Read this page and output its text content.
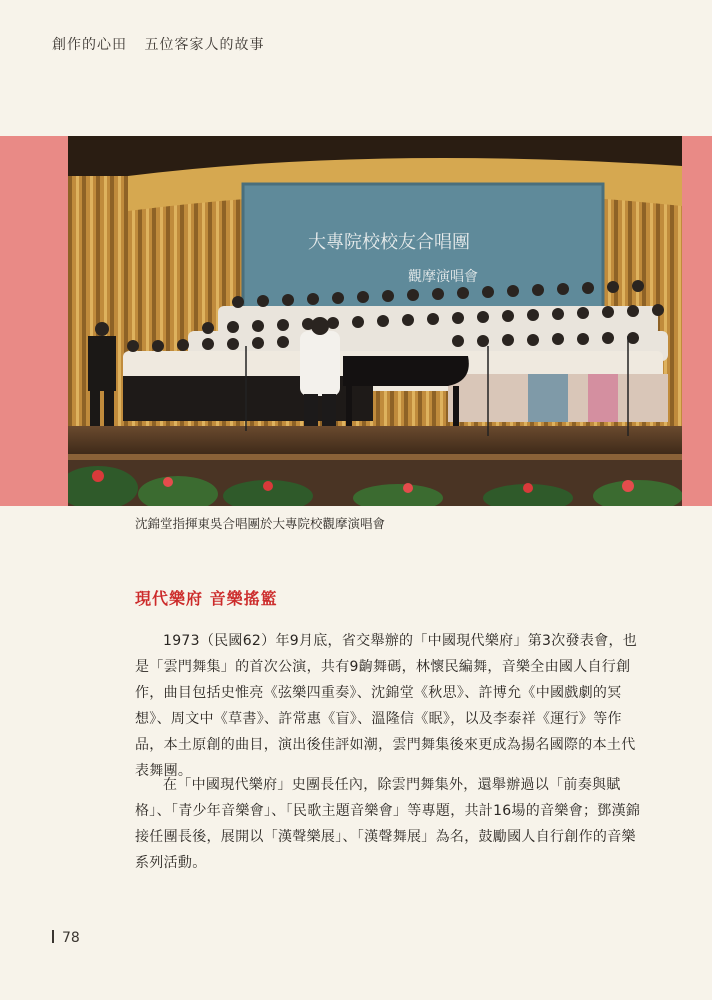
創作的心田 五位客家人的故事
大專院校校友合唱團
觀摩演唱會
沈錦堂指揮東吳合唱團於大專院校觀摩演唱會
現代樂府 音樂搖籃

1973（民國62）年9月底，省交舉辦的「中國現代樂府」第3次發表會，也是「雲門舞集」的首次公演，共有9齣舞碼，林懷民編舞，音樂全由國人自行創作，曲目包括史惟亮《弦樂四重奏》、沈錦堂《秋思》、許博允《中國戲劇的冥想》、周文中《草書》、許常惠《盲》、溫隆信《眠》，以及李泰祥《運行》等作品，本土原創的曲目，演出後佳評如潮，雲門舞集後來更成為揚名國際的本土代表舞團。

在「中國現代樂府」史團長任內，除雲門舞集外，還舉辦過以「前奏與賦格」、「青少年音樂會」、「民歌主題音樂會」等專題，共計16場的音樂會；鄧漢錦接任團長後，展開以「漢聲樂展」、「漢聲舞展」為名，鼓勵國人自行創作的音樂系列活動。

78
